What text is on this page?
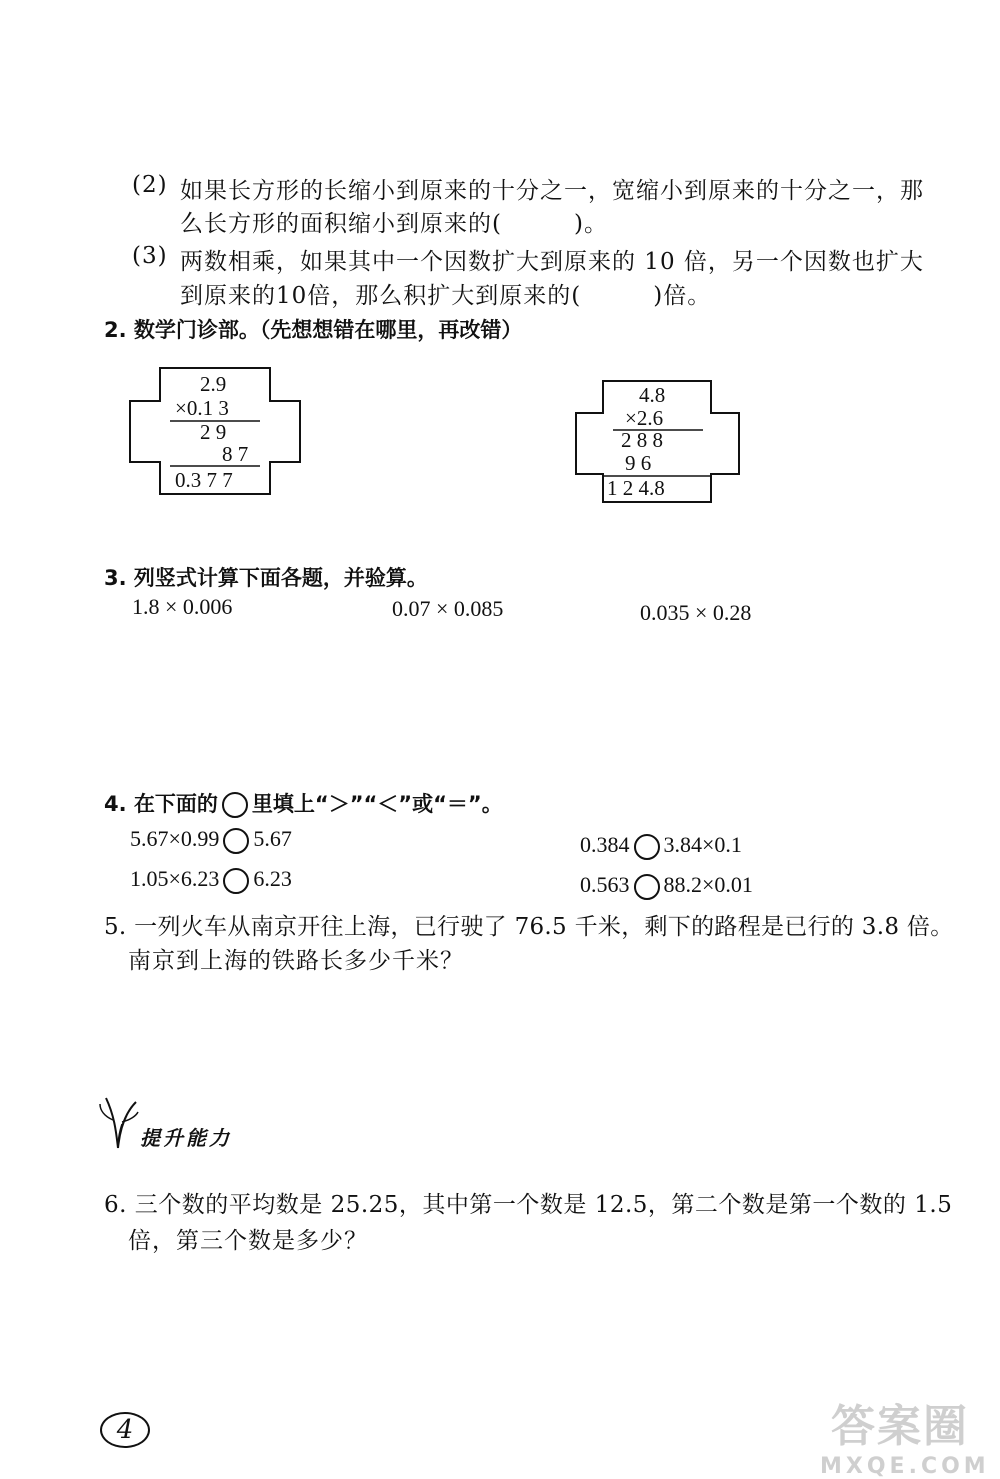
(2) 如果长方形的长缩小到原来的十分之一，宽缩小到原来的十分之一，那
么长方形的面积缩小到原来的(　　　)。
(3) 两数相乘，如果其中一个因数扩大到原来的 10 倍，另一个因数也扩大
到原来的10倍，那么积扩大到原来的(　　　)倍。
2. 数学门诊部。（先想想错在哪里，再改错）
2.9
×0.1 3
2 9
8 7
0.3 7 7
4.8
×2.6
2 8 8
9 6
1 2 4.8
3. 列竖式计算下面各题，并验算。
1.8 × 0.006	0.07 × 0.085	0.035 × 0.28
4. 在下面的 里填上“＞”“＜”或“＝”。
5.67×0.99 5.67	0.384 3.84×0.1
1.05×6.23 6.23	0.563 88.2×0.01
5. 一列火车从南京开往上海，已行驶了 76.5 千米，剩下的路程是已行的 3.8 倍。
南京到上海的铁路长多少千米？
提升能力
6. 三个数的平均数是 25.25，其中第一个数是 12.5，第二个数是第一个数的 1.5
倍，第三个数是多少？
4	答案圈
MXQE.COM
